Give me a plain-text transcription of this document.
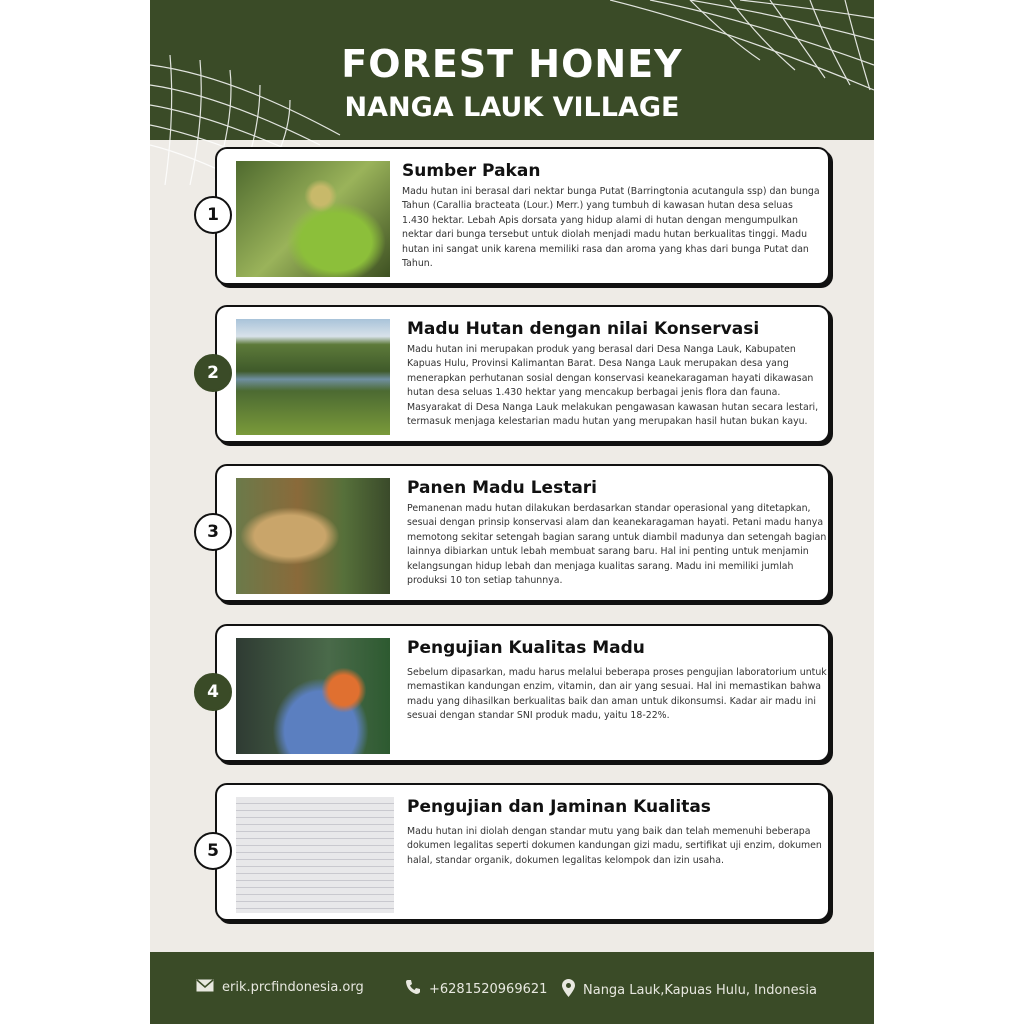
FOREST HONEY
NANGA LAUK VILLAGE
Sumber Pakan
Madu hutan ini berasal dari nektar bunga Putat (Barringtonia acutangula ssp) dan bunga Tahun (Carallia bracteata (Lour.) Merr.) yang tumbuh di kawasan hutan desa seluas 1.430 hektar. Lebah Apis dorsata yang hidup alami di hutan dengan mengumpulkan nektar dari bunga tersebut untuk diolah menjadi madu hutan berkualitas tinggi. Madu hutan ini sangat unik karena memiliki rasa dan aroma yang khas dari bunga Putat dan Tahun.
1
Madu Hutan dengan nilai Konservasi
Madu hutan ini merupakan produk yang berasal dari Desa Nanga Lauk, Kabupaten Kapuas Hulu, Provinsi Kalimantan Barat. Desa Nanga Lauk merupakan desa yang menerapkan perhutanan sosial dengan konservasi keanekaragaman hayati dikawasan hutan desa seluas 1.430 hektar yang mencakup berbagai jenis flora dan fauna. Masyarakat di Desa Nanga Lauk melakukan pengawasan kawasan hutan secara lestari, termasuk menjaga kelestarian madu hutan yang merupakan hasil hutan bukan kayu.
2
Panen Madu Lestari
Pemanenan madu hutan dilakukan berdasarkan standar operasional yang ditetapkan, sesuai dengan prinsip konservasi alam dan keanekaragaman hayati. Petani madu hanya memotong sekitar setengah bagian sarang untuk diambil madunya dan setengah bagian lainnya dibiarkan untuk lebah membuat sarang baru. Hal ini penting untuk menjamin kelangsungan hidup lebah dan menjaga kualitas sarang. Madu ini memiliki jumlah produksi 10 ton setiap tahunnya.
3
Pengujian Kualitas Madu
Sebelum dipasarkan, madu harus melalui beberapa proses pengujian laboratorium untuk memastikan kandungan enzim, vitamin, dan air yang sesuai. Hal ini memastikan bahwa madu yang dihasilkan berkualitas baik dan aman untuk dikonsumsi. Kadar air madu ini sesuai dengan standar SNI produk madu, yaitu 18-22%.
4
Pengujian dan Jaminan Kualitas
Madu hutan ini diolah dengan standar mutu yang baik dan telah memenuhi beberapa dokumen legalitas seperti dokumen kandungan gizi madu, sertifikat uji enzim, dokumen halal, standar organik, dokumen legalitas kelompok dan izin usaha.
5
erik.prcfindonesia.org	+6281520969621	Nanga Lauk,Kapuas Hulu, Indonesia
